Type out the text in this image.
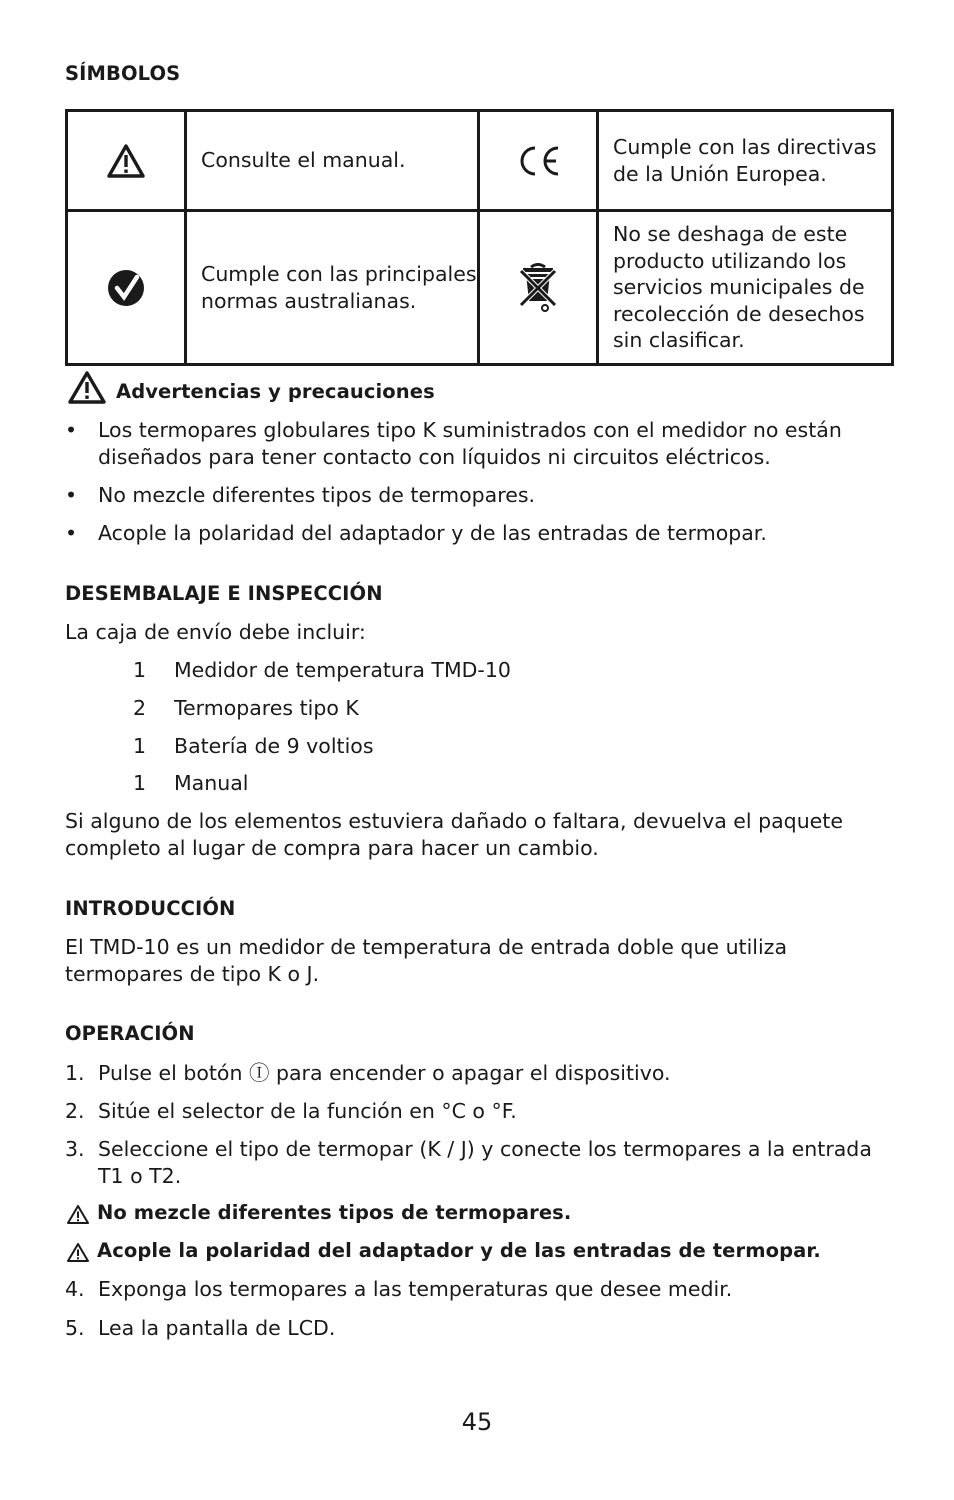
SÍMBOLOS
	Consulte el manual.		Cumple con las directivas de la Unión Europea.

	Cumple con las principales normas australianas.		No se deshaga de este producto utilizando los servicios municipales de recolección de desechos sin clasificar.
Advertencias y precauciones
• Los termopares globulares tipo K suministrados con el medidor no están diseñados para tener contacto con líquidos ni circuitos eléctricos.
• No mezcle diferentes tipos de termopares.
• Acople la polaridad del adaptador y de las entradas de termopar.
DESEMBALAJE E INSPECCIÓN
La caja de envío debe incluir:
1 Medidor de temperatura TMD-10
2 Termopares tipo K
1 Batería de 9 voltios
1 Manual
Si alguno de los elementos estuviera dañado o faltara, devuelva el paquete completo al lugar de compra para hacer un cambio.
INTRODUCCIÓN
El TMD-10 es un medidor de temperatura de entrada doble que utiliza termopares de tipo K o J.
OPERACIÓN
1. Pulse el botón Ⓘ para encender o apagar el dispositivo.
2. Sitúe el selector de la función en °C o °F.
3. Seleccione el tipo de termopar (K / J) y conecte los termopares a la entrada T1 o T2.
No mezcle diferentes tipos de termopares.
Acople la polaridad del adaptador y de las entradas de termopar.
4. Exponga los termopares a las temperaturas que desee medir.
5. Lea la pantalla de LCD.
45
